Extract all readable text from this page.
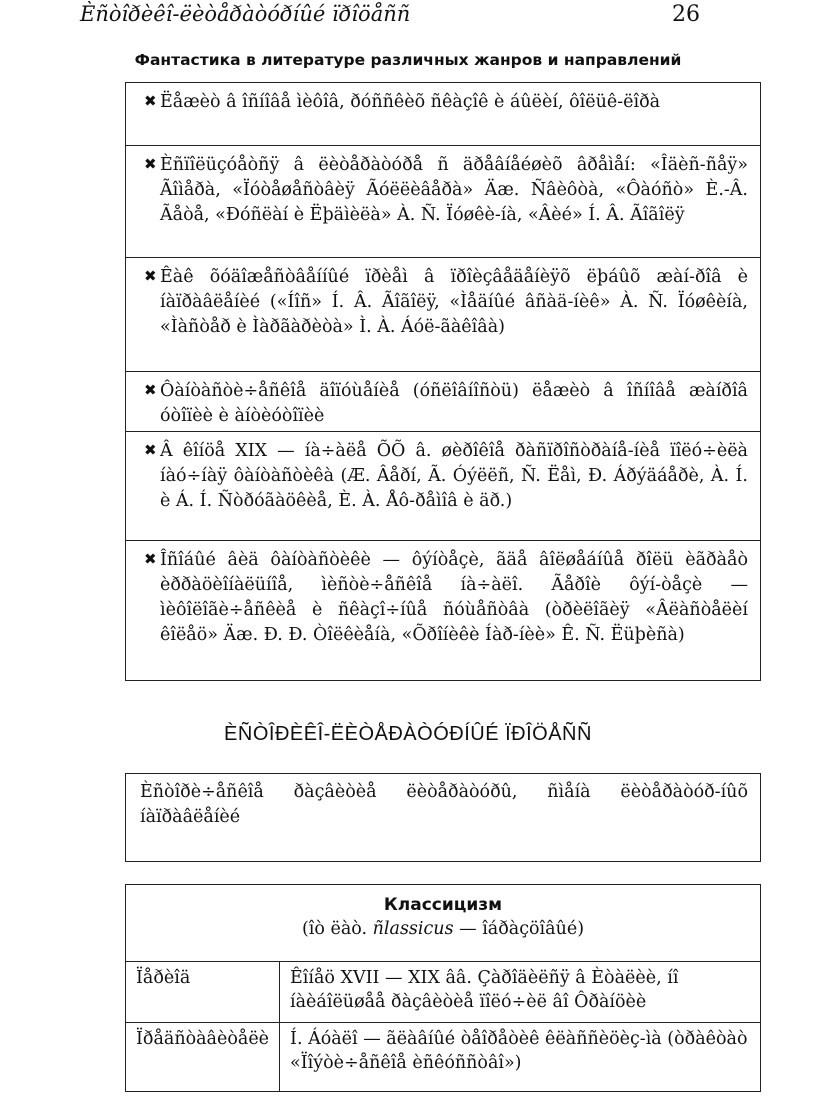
Èñòîðèêî-ëèòåðàòóðíûé ïðîöåññ	26
Фантастика в литературе различных жанров и направлений
✖ Ëåæèò â îñíîâå ìèôîâ, ðóññêèõ ñêàçîê è áûëèí, ôîëüê-ëîðà
✖ Èñïîëüçóåòñÿ â ëèòåðàòóðå ñ äðåâíåéøèõ âðåìåí: «Îäèñ-ñåÿ» Ãîìåðà, «Ïóòåøåñòâèÿ Ãóëëèâåðà» Äæ. Ñâèôòà, «Ôàóñò» È.-Â. Ãåòå, «Ðóñëàí è Ëþäìèëà» À. Ñ. Ïóøêè-íà, «Âèé» Í. Â. Ãîãîëÿ
✖ Êàê õóäîæåñòâåííûé ïðèåì â ïðîèçâåäåíèÿõ ëþáûõ æàí-ðîâ è íàïðàâëåíèé («Íîñ» Í. Â. Ãîãîëÿ, «Ìåäíûé âñàä-íèê» À. Ñ. Ïóøêèíà, «Ìàñòåð è Ìàðãàðèòà» Ì. À. Áóë-ãàêîâà)
✖ Ôàíòàñòè÷åñêîå äîïóùåíèå (óñëîâíîñòü) ëåæèò â îñíîâå æàíðîâ óòîïèè è àíòèóòîïèè
✖ Â êîíöå XIX — íà÷àëå ÕÕ â. øèðîêîå ðàñïðîñòðàíå-íèå ïîëó÷èëà íàó÷íàÿ ôàíòàñòèêà (Æ. Âåðí, Ã. Óýëëñ, Ñ. Ëåì, Ð. Áðýäáåðè, À. Í. è Á. Í. Ñòðóãàöêèå, È. À. Åô-ðåìîâ è äð.)
✖ Îñîáûé âèä ôàíòàñòèêè — ôýíòåçè, ãäå âîëøåáíûå ðîëü èãðàåò èððàöèîíàëüíîå, ìèñòè÷åñêîå íà÷àëî. Ãåðîè ôýí-òåçè — ìèôîëîãè÷åñêèå è ñêàçî÷íûå ñóùåñòâà (òðèëîãèÿ «Âëàñòåëèí êîëåö» Äæ. Ð. Ð. Òîëêèåíà, «Õðîíèêè Íàð-íèè» Ê. Ñ. Ëüþèñà)
ÈÑÒÎÐÈÊÎ-ËÈÒÅÐÀÒÓÐÍÛÉ ÏÐÎÖÅÑÑ
Èñòîðè÷åñêîå ðàçâèòèå ëèòåðàòóðû, ñìåíà ëèòåðàòóð-íûõ íàïðàâëåíèé
Классицизм
(îò ëàò. ñlassicus — îáðàçöîâûé)	

Ïåðèîä	Êîíåö XVII — XIX ââ. Çàðîäèëñÿ â Èòàëèè, íî íàèáîëüøåå ðàçâèòèå ïîëó÷èë âî Ôðàíöèè
Ïðåäñòàâèòåëè	Í. Áóàëî — ãëàâíûé òåîðåòèê êëàññèöèç-ìà (òðàêòàò «Ïîýòè÷åñêîå èñêóññòâî»)
